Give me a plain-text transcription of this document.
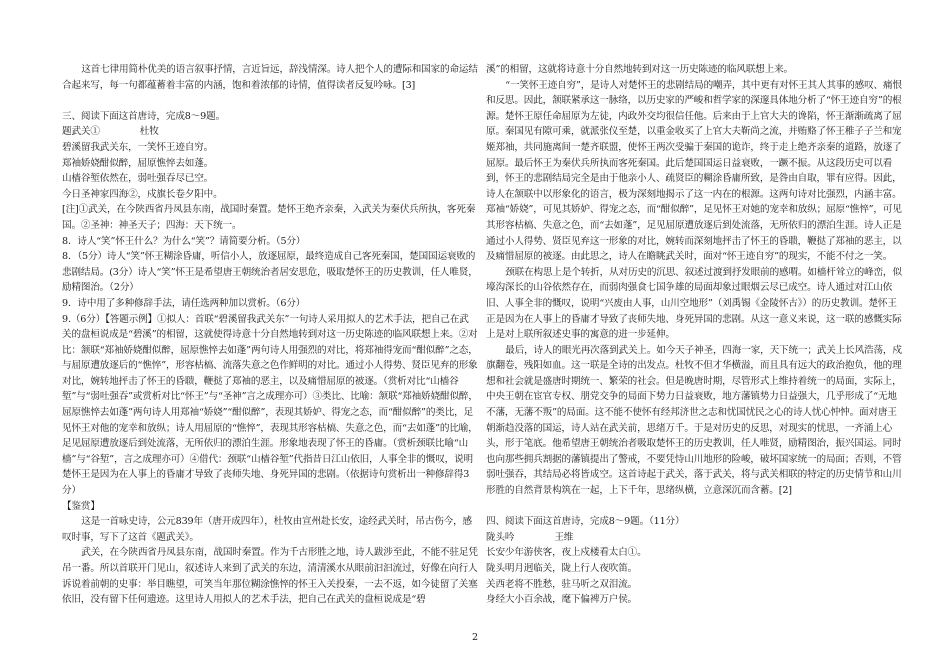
这首七律用简朴优美的语言叙事抒情，言近旨远，辞浅情深。诗人把个人的遭际和国家的命运结合起来写，每一句都蕴蓄着丰富的内涵，饱和着浓郁的诗情，值得读者反复吟咏。[3]

三、阅读下面这首唐诗，完成8～9题。

题武关①	杜牧

碧溪留我武关东，一笑怀王迹自穷。

郑袖娇娆酣似醉，屈原憔悴去如蓬。

山樯谷堑依然在，弱吐强吞尽已空。

今日圣神家四海②，戍旗长卷夕阳中。

[注]①武关，在今陕西省丹凤县东南，战国时秦置。楚怀王绝齐亲秦，入武关为秦伏兵所执，客死秦国。②圣神：神圣天子；四海：天下统一。

8．诗人“笑”怀王什么？为什么“笑”？请简要分析。（5分）

8．（5分）诗人“笑”怀王糊涂昏庸，听信小人，放逐屈原，最终造成自己客死秦国，楚国国运衰败的悲剧结局。(3分）诗人“笑”怀王是希望唐王朝统治者居安思危，吸取楚怀王的历史教训，任人唯贤，励精图治。（2分）

9．诗中用了多种修辞手法，请任选两种加以赏析。（6分）

9.（6分）【答题示例】①拟人：首联“碧溪留我武关东”一句诗人采用拟人的艺术手法，把自己在武关的盘桓说成是“碧溪”的相留，这就使得诗意十分自然地转到对这一历史陈迹的临风联想上来。②对比：颔联“郑袖娇娆酣似醉，屈原憔悴去如蓬”两句诗人用强烈的对比，将郑袖得宠而“酣似醉”之态，与屈原遭放逐后的“憔悴”，形容枯槁、流落失意之色作鲜明的对比。通过小人得势、贤臣见弃的形象对比，婉转地抨击了怀王的昏聩，鞭挞了郑袖的恶主，以及痛惜屈原的被逐。（赏析对比“山樯谷堑”与“弱吐强吞”或赏析对比“怀王”与“圣神”言之成理亦可）③类比、比喻：颔联“郑袖娇娆酣似醉，屈原憔悴去如蓬”两句诗人用郑袖“娇娆”“酣似醉”，表现其娇妒、得宠之态，而“酣似醉”的类比，足见怀王对他的宠幸和放纵；诗人用屈原的“憔悴”，表现其形容枯槁、失意之色，而“去如蓬”的比喻，足见屈原遭放逐后到处流落，无所依归的漂泊生涯。形象地表现了怀王的昏庸。（赏析颈联比喻“山樯”与“谷堑”，言之成理亦可）④借代：颈联“山樯谷堑”代指昔日江山依旧，人事全非的慨叹，说明楚怀王是因为在人事上的昏庸才导致了丧师失地、身死异国的悲剧。（依据诗句赏析出一种修辞得3分）

【鉴赏】

这是一首咏史诗，公元839年（唐开成四年），杜牧由宣州赴长安，途经武关时，吊古伤今，感叹时事，写下了这首《题武关》。

武关，在今陕西省丹凤县东南，战国时秦置。作为千古形胜之地，诗人跋涉至此，不能不驻足凭吊一番。所以首联开门见山，叙述诗人来到了武关的东边，清清溪水从眼前汩汩流过，好像在向行人诉说着前朝的史事：举目瞧望，可笑当年那位糊涂憔悴的怀王入关投秦，一去不返，如今徒留了关塞依旧，没有留下任何遗迹。这里诗人用拟人的艺术手法，把自己在武关的盘桓说成是“碧

溪”的相留，这就将诗意十分自然地转到对这一历史陈迹的临风联想上来。

“一笑怀王迹自穷”，是诗人对楚怀王的悲剧结局的嘲弄，其中更有对怀王其人其事的感叹、痛恨和反思。因此，颔联紧承这一脉络，以历史家的严峻和哲学家的深邃具体地分析了“怀王迹自穷”的根源。楚怀王原任命屈原为左徒，内政外交均很信任他。后来由于上官大夫的谗陷，怀王渐渐疏离了屈原。秦国见有隙可乘，就派张仪至楚，以重金收买了上官大夫靳尚之流，并贿赂了怀王稚子子兰和宠姬郑袖，共同施离间一楚齐联盟，使怀王两次受骗于秦国的诡诈，终于走上绝齐亲秦的道路，放逐了屈原。最后怀王为秦伏兵所执而客死秦国。此后楚国国运日益衰败，一蹶不振。从这段历史可以看到，怀王的悲剧结局完全是由于他亲小人、疏贤臣的糊涂昏庸所致，是咎由自取，罪有应得。因此，诗人在颔联中以形象化的语言，极为深刻地揭示了这一内在的根源。这两句诗对比强烈，内涵丰富。郑袖“娇娆”，可见其娇妒、得宠之态，而“酣似醉”，足见怀王对她的宠幸和放纵；屈原“憔悴”，可见其形容枯槁、失意之色，而“去如蓬”，足见屈原遭放逐后到处流落，无所依归的漂泊生涯。诗人正是通过小人得势、贤臣见弃这一形象的对比，婉转而深刻地抨击了怀王的昏聩，鞭挞了郑袖的恶主，以及痛惜屈原的被逐。由此思之，诗人在瞻眺武关时，面对“怀王迹自穷”的现实，不能不付之一笑。

颈联在构思上是个转折，从对历史的沉思、叙述过渡到抒发眼前的感喟。如樯杆耸立的峰峦，似壕沟深长的山谷依然存在，而弱肉强食七国争雄的局面却象过眼烟云尽已成空。诗人通过对江山依旧、人事全非的慨叹，说明“兴废由人事，山川空地形”（刘禹锡《金陵怀古》）的历史教训。楚怀王正是因为在人事上的昏庸才导致了丧师失地、身死异国的悲剧。从这一意义来说，这一联的感慨实际上是对上联所叙述史事的寓意的进一步延伸。

最后，诗人的眼光再次落到武关上。如今天子神圣，四海一家，天下统一；武关上长风浩荡，戍旗翻卷，残阳如血。这一联是全诗的出发点。杜牧不但才华横溢，而且具有远大的政治抱负，他的理想和社会就是盛唐时期统一、繁荣的社会。但是晚唐时期，尽管形式上维持着统一的局面，实际上，中央王朝在宦官专权、朋党交争的局面下势力日益衰败，地方藩镇势力日益强大，几乎形成了“无地不藩，无藩不叛”的局面。这不能不使怀有经邦济世之志和忧国忧民之心的诗人忧心忡忡。面对唐王朝渐趋没落的国运，诗人站在武关前，思绪万千。于是对历史的反思，对现实的忧思，一齐涌上心头，形于笔底。他希望唐王朝统治者吸取楚怀王的历史教训，任人唯贤，励精图治，振兴国运。同时也向那些拥兵割据的藩镇提出了警戒，不要凭恃山川地形的险峻，破坏国家统一的局面；否则，不管弱吐强吞，其结局必将皆成空。这首诗起于武关，落于武关，将与武关相联的特定的历史情节和山川形胜的自然背景构筑在一起，上下千年，思绪纵横，立意深沉而含蓄。[2]

四、阅读下面这首唐诗，完成8～9题。（11分）

陇头吟	王维

长安少年游侠客，夜上戍楼看太白①。

陇头明月迥临关，陇上行人夜吹笛。

关西老将不胜愁，驻马听之双泪流。

身经大小百余战，麾下偏裨万户侯。

2
